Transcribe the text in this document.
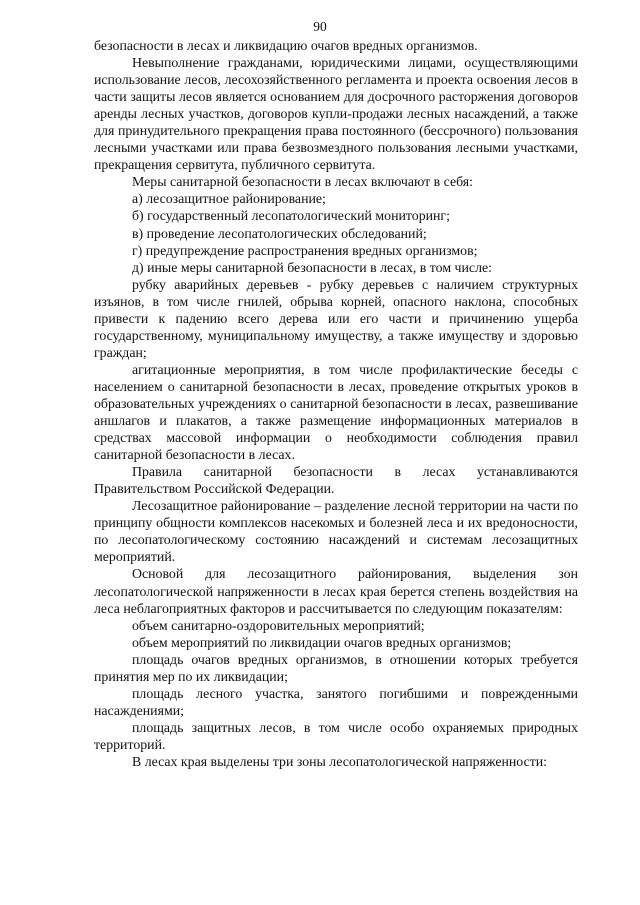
90

безопасности в лесах и ликвидацию очагов вредных организмов.

Невыполнение гражданами, юридическими лицами, осуществляющими использование лесов, лесохозяйственного регламента и проекта освоения лесов в части защиты лесов является основанием для досрочного расторжения договоров аренды лесных участков, договоров купли-продажи лесных насаждений, а также для принудительного прекращения права постоянного (бессрочного) пользования лесными участками или права безвозмездного пользования лесными участками, прекращения сервитута, публичного сервитута.

Меры санитарной безопасности в лесах включают в себя:

а) лесозащитное районирование;

б) государственный лесопатологический мониторинг;

в) проведение лесопатологических обследований;

г) предупреждение распространения вредных организмов;

д) иные меры санитарной безопасности в лесах, в том числе:

рубку аварийных деревьев - рубку деревьев с наличием структурных изъянов, в том числе гнилей, обрыва корней, опасного наклона, способных привести к падению всего дерева или его части и причинению ущерба государственному, муниципальному имуществу, а также имуществу и здоровью граждан;

агитационные мероприятия, в том числе профилактические беседы с населением о санитарной безопасности в лесах, проведение открытых уроков в образовательных учреждениях о санитарной безопасности в лесах, развешивание аншлагов и плакатов, а также размещение информационных материалов в средствах массовой информации о необходимости соблюдения правил санитарной безопасности в лесах.

Правила санитарной безопасности в лесах устанавливаются Правительством Российской Федерации.

Лесозащитное районирование – разделение лесной территории на части по принципу общности комплексов насекомых и болезней леса и их вредоносности, по лесопатологическому состоянию насаждений и системам лесозащитных мероприятий.

Основой для лесозащитного районирования, выделения зон лесопатологической напряженности в лесах края берется степень воздействия на леса неблагоприятных факторов и рассчитывается по следующим показателям:

объем санитарно-оздоровительных мероприятий;

объем мероприятий по ликвидации очагов вредных организмов;

площадь очагов вредных организмов, в отношении которых требуется принятия мер по их ликвидации;

площадь лесного участка, занятого погибшими и поврежденными насаждениями;

площадь защитных лесов, в том числе особо охраняемых природных территорий.

В лесах края выделены три зоны лесопатологической напряженности:
